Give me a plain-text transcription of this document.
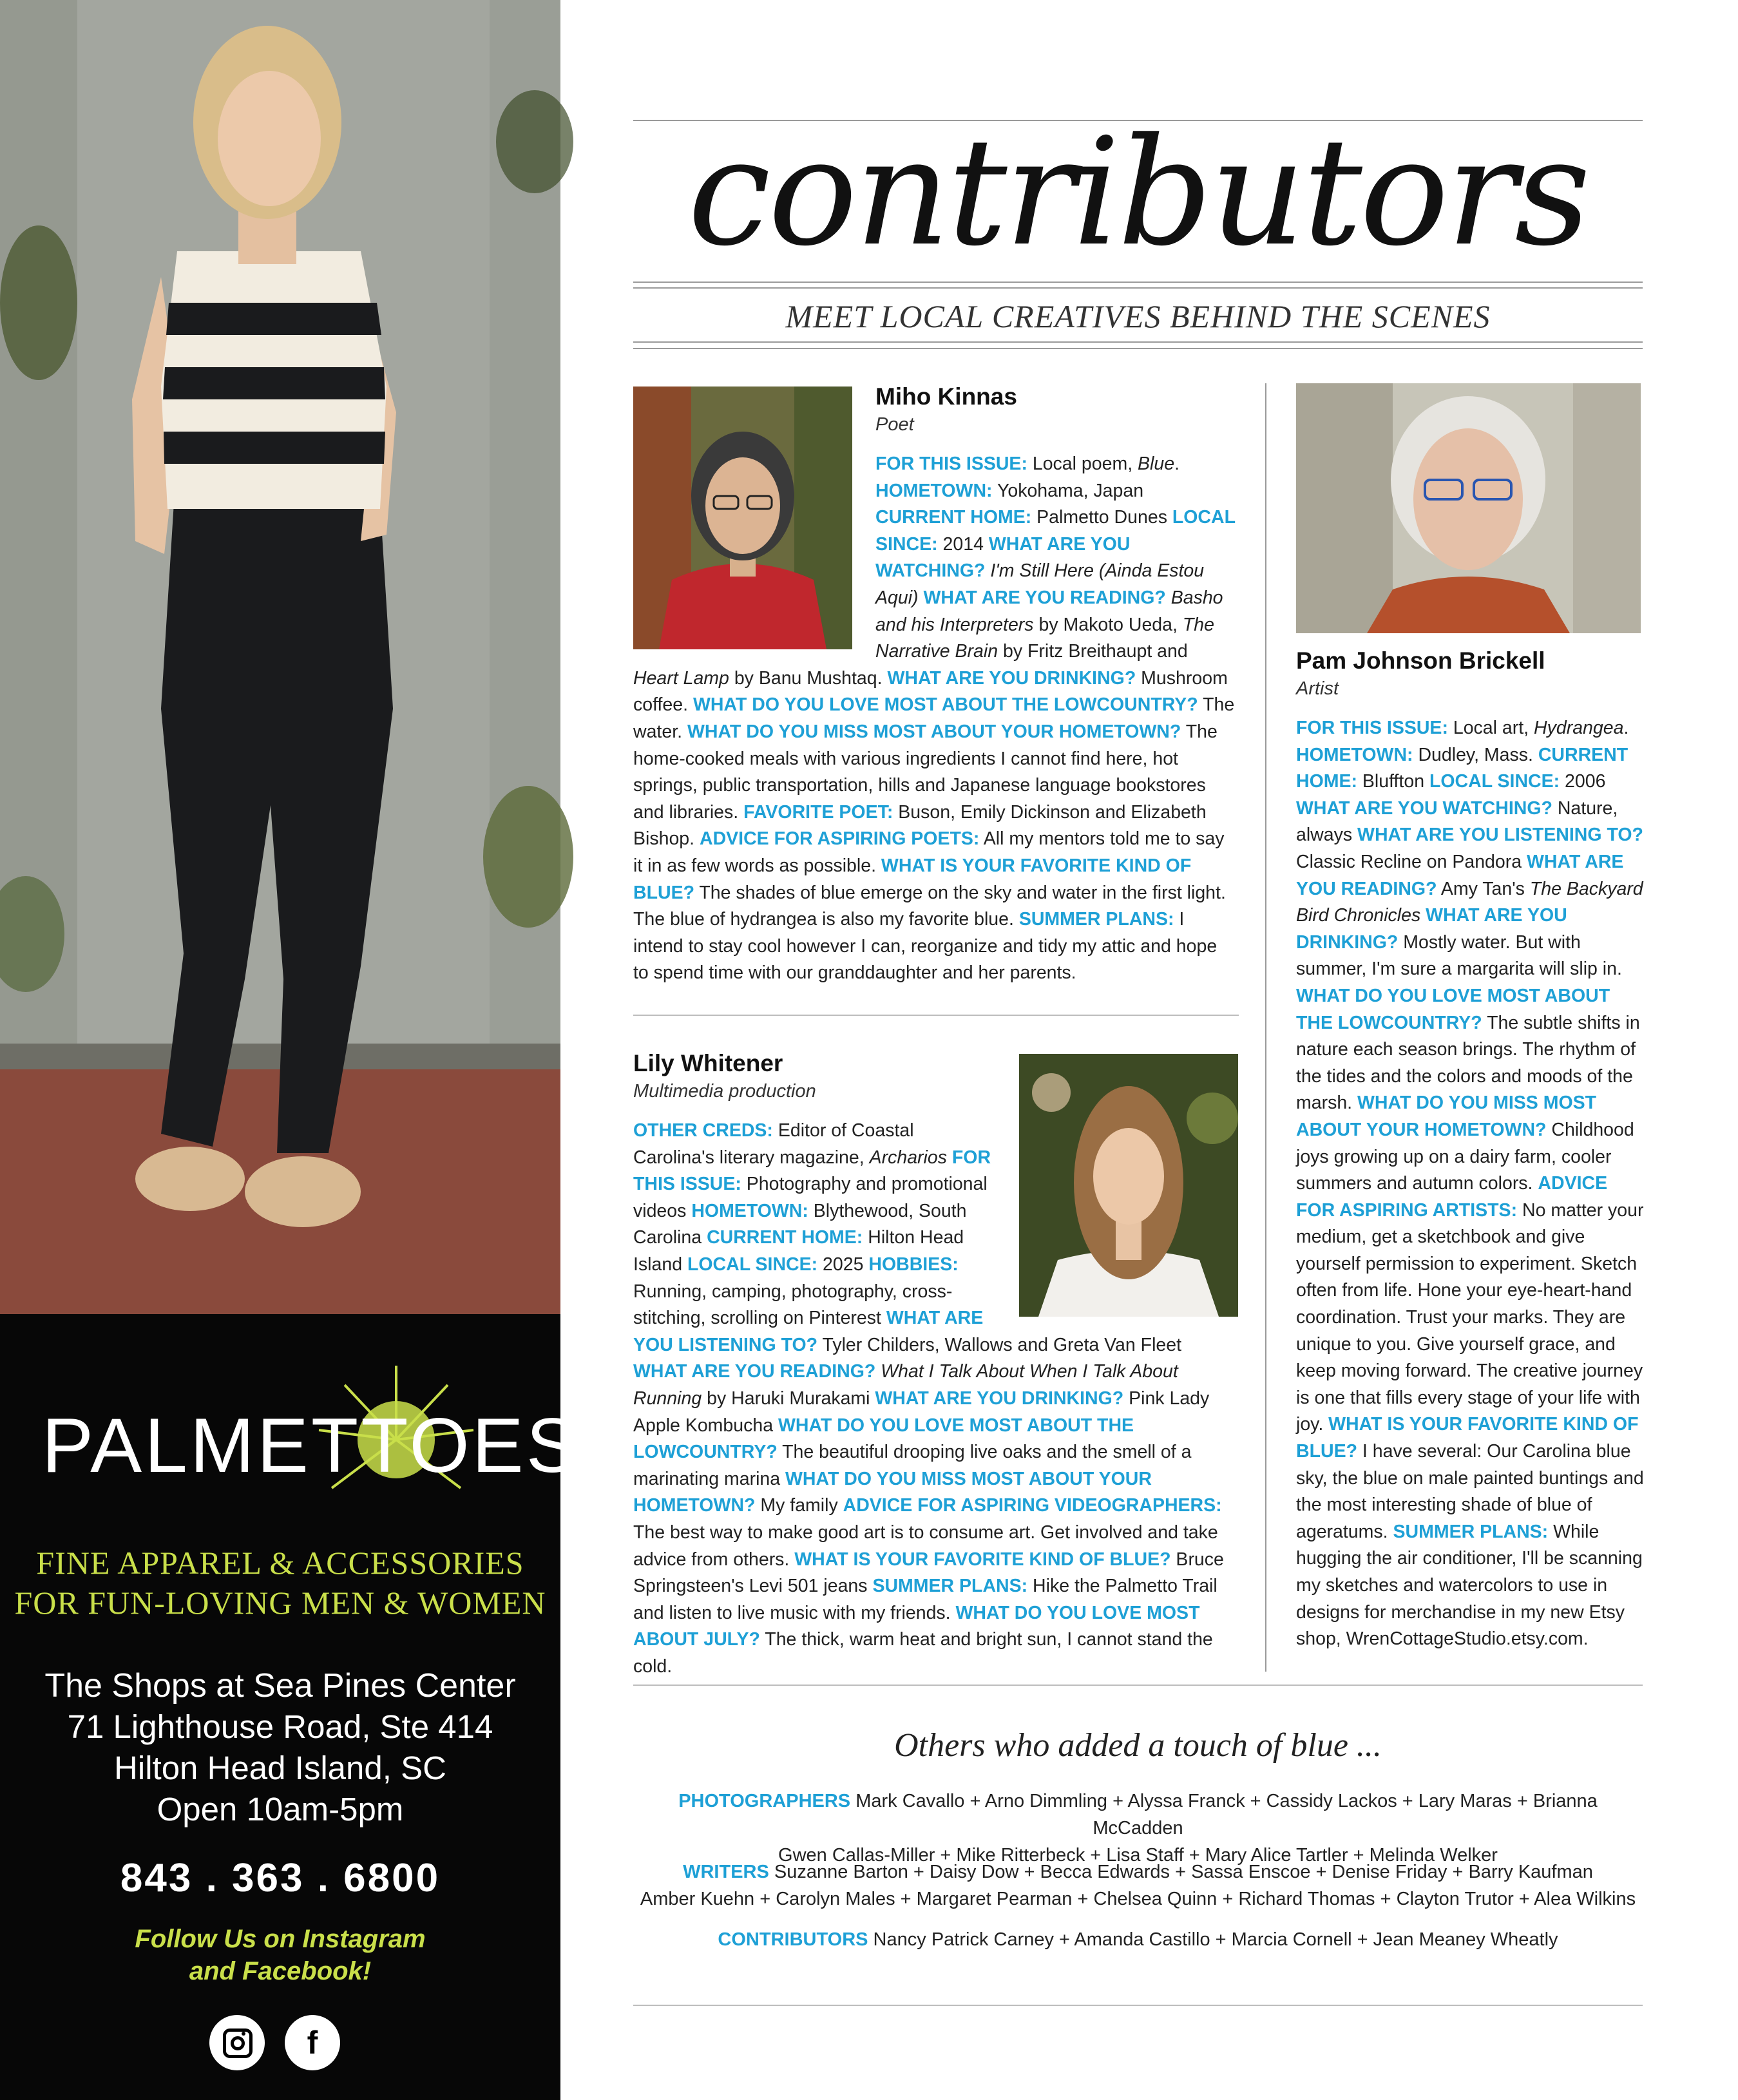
PALMETTOES
FINE APPAREL & ACCESSORIES
FOR FUN-LOVING MEN & WOMEN
The Shops at Sea Pines Center
71 Lighthouse Road, Ste 414
Hilton Head Island, SC
Open 10am-5pm
843 . 363 . 6800
Follow Us on Instagram
and Facebook!
f
contributors
MEET LOCAL CREATIVES BEHIND THE SCENES
Miho Kinnas
Poet
FOR THIS ISSUE: Local poem, Blue. HOMETOWN: Yokohama, Japan CURRENT HOME: Palmetto Dunes LOCAL SINCE: 2014 WHAT ARE YOU WATCHING? I'm Still Here (Ainda Estou Aqui) WHAT ARE YOU READING? Basho and his Interpreters by Makoto Ueda, The Narrative Brain by Fritz Breithaupt and Heart Lamp by Banu Mushtaq. WHAT ARE YOU DRINKING? Mushroom coffee. WHAT DO YOU LOVE MOST ABOUT THE LOWCOUNTRY? The water. WHAT DO YOU MISS MOST ABOUT YOUR HOMETOWN? The home-cooked meals with various ingredients I cannot find here, hot springs, public transportation, hills and Japanese language bookstores and libraries. FAVORITE POET: Buson, Emily Dickinson and Elizabeth Bishop. ADVICE FOR ASPIRING POETS: All my mentors told me to say it in as few words as possible. WHAT IS YOUR FAVORITE KIND OF BLUE? The shades of blue emerge on the sky and water in the first light. The blue of hydrangea is also my favorite blue. SUMMER PLANS: I intend to stay cool however I can, reorganize and tidy my attic and hope to spend time with our granddaughter and her parents.
Lily Whitener
Multimedia production
OTHER CREDS: Editor of Coastal Carolina's literary magazine, Archarios FOR THIS ISSUE: Photography and promotional videos HOMETOWN: Blythewood, South Carolina CURRENT HOME: Hilton Head Island LOCAL SINCE: 2025 HOBBIES: Running, camping, photography, cross-stitching, scrolling on Pinterest WHAT ARE YOU LISTENING TO? Tyler Childers, Wallows and Greta Van Fleet WHAT ARE YOU READING? What I Talk About When I Talk About Running by Haruki Murakami WHAT ARE YOU DRINKING? Pink Lady Apple Kombucha WHAT DO YOU LOVE MOST ABOUT THE LOWCOUNTRY? The beautiful drooping live oaks and the smell of a marinating marina WHAT DO YOU MISS MOST ABOUT YOUR HOMETOWN? My family ADVICE FOR ASPIRING VIDEOGRAPHERS: The best way to make good art is to consume art. Get involved and take advice from others. WHAT IS YOUR FAVORITE KIND OF BLUE? Bruce Springsteen's Levi 501 jeans SUMMER PLANS: Hike the Palmetto Trail and listen to live music with my friends. WHAT DO YOU LOVE MOST ABOUT JULY? The thick, warm heat and bright sun, I cannot stand the cold.
Pam Johnson Brickell
Artist
FOR THIS ISSUE: Local art, Hydrangea. HOMETOWN: Dudley, Mass. CURRENT HOME: Bluffton LOCAL SINCE: 2006 WHAT ARE YOU WATCHING? Nature, always WHAT ARE YOU LISTENING TO? Classic Recline on Pandora WHAT ARE YOU READING? Amy Tan's The Backyard Bird Chronicles WHAT ARE YOU DRINKING? Mostly water. But with summer, I'm sure a margarita will slip in. WHAT DO YOU LOVE MOST ABOUT THE LOWCOUNTRY? The subtle shifts in nature each season brings. The rhythm of the tides and the colors and moods of the marsh. WHAT DO YOU MISS MOST ABOUT YOUR HOMETOWN? Childhood joys growing up on a dairy farm, cooler summers and autumn colors. ADVICE FOR ASPIRING ARTISTS: No matter your medium, get a sketchbook and give yourself permission to experiment. Sketch often from life. Hone your eye-heart-hand coordination. Trust your marks. They are unique to you. Give yourself grace, and keep moving forward. The creative journey is one that fills every stage of your life with joy. WHAT IS YOUR FAVORITE KIND OF BLUE? I have several: Our Carolina blue sky, the blue on male painted buntings and the most interesting shade of blue of ageratums. SUMMER PLANS: While hugging the air conditioner, I'll be scanning my sketches and watercolors to use in designs for merchandise in my new Etsy shop, WrenCottageStudio.etsy.com.
Others who added a touch of blue ...
PHOTOGRAPHERS Mark Cavallo + Arno Dimmling + Alyssa Franck + Cassidy Lackos + Lary Maras + Brianna McCadden
Gwen Callas-Miller + Mike Ritterbeck + Lisa Staff + Mary Alice Tartler + Melinda Welker
WRITERS Suzanne Barton + Daisy Dow + Becca Edwards + Sassa Enscoe + Denise Friday + Barry Kaufman
Amber Kuehn + Carolyn Males + Margaret Pearman + Chelsea Quinn + Richard Thomas + Clayton Trutor + Alea Wilkins
CONTRIBUTORS Nancy Patrick Carney + Amanda Castillo + Marcia Cornell + Jean Meaney Wheatly
